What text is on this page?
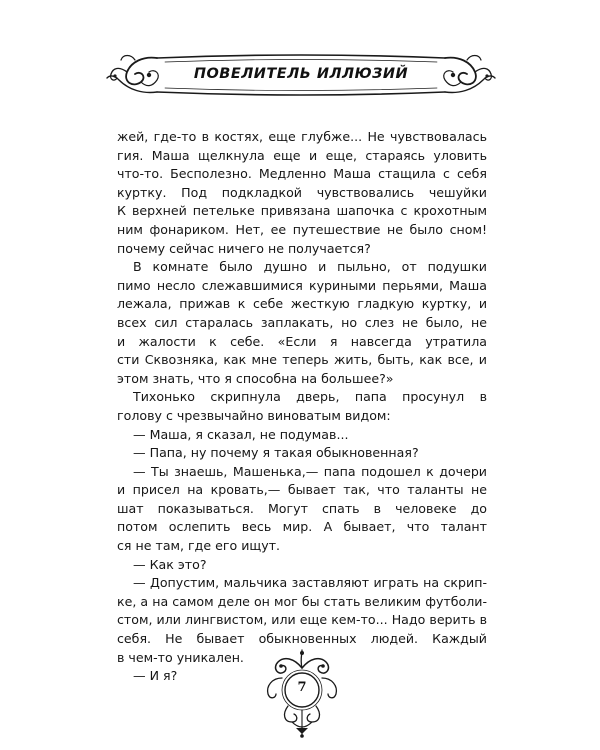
ПОВЕЛИТЕЛЬ ИЛЛЮЗИЙ
жей, где-то в костях, еще глубже... Не чувствовалась
гия. Маша щелкнула еще и еще, стараясь уловить
что-то. Бесполезно. Медленно Маша стащила с себя
куртку. Под подкладкой чувствовались чешуйки
К верхней петельке привязана шапочка с крохотным
ним фонариком. Нет, ее путешествие не было сном!
почему сейчас ничего не получается?
В комнате было душно и пыльно, от подушки
пимо несло слежавшимися куриными перьями, Маша
лежала, прижав к себе жесткую гладкую куртку, и
всех сил старалась заплакать, но слез не было, не
и жалости к себе. «Если я навсегда утратила
сти Сквозняка, как мне теперь жить, быть, как все, и
этом знать, что я способна на большее?»
Тихонько скрипнула дверь, папа просунул в
голову с чрезвычайно виноватым видом:
— Маша, я сказал, не подумав...
— Папа, ну почему я такая обыкновенная?
— Ты знаешь, Машенька,— папа подошел к дочери
и присел на кровать,— бывает так, что таланты не
шат показываться. Могут спать в человеке до
потом ослепить весь мир. А бывает, что талант
ся не там, где его ищут.
— Как это?
— Допустим, мальчика заставляют играть на скрип-
ке, а на самом деле он мог бы стать великим футболи-
стом, или лингвистом, или еще кем-то... Надо верить в
себя. Не бывает обыкновенных людей. Каждый
в чем-то уникален.
— И я?
7
